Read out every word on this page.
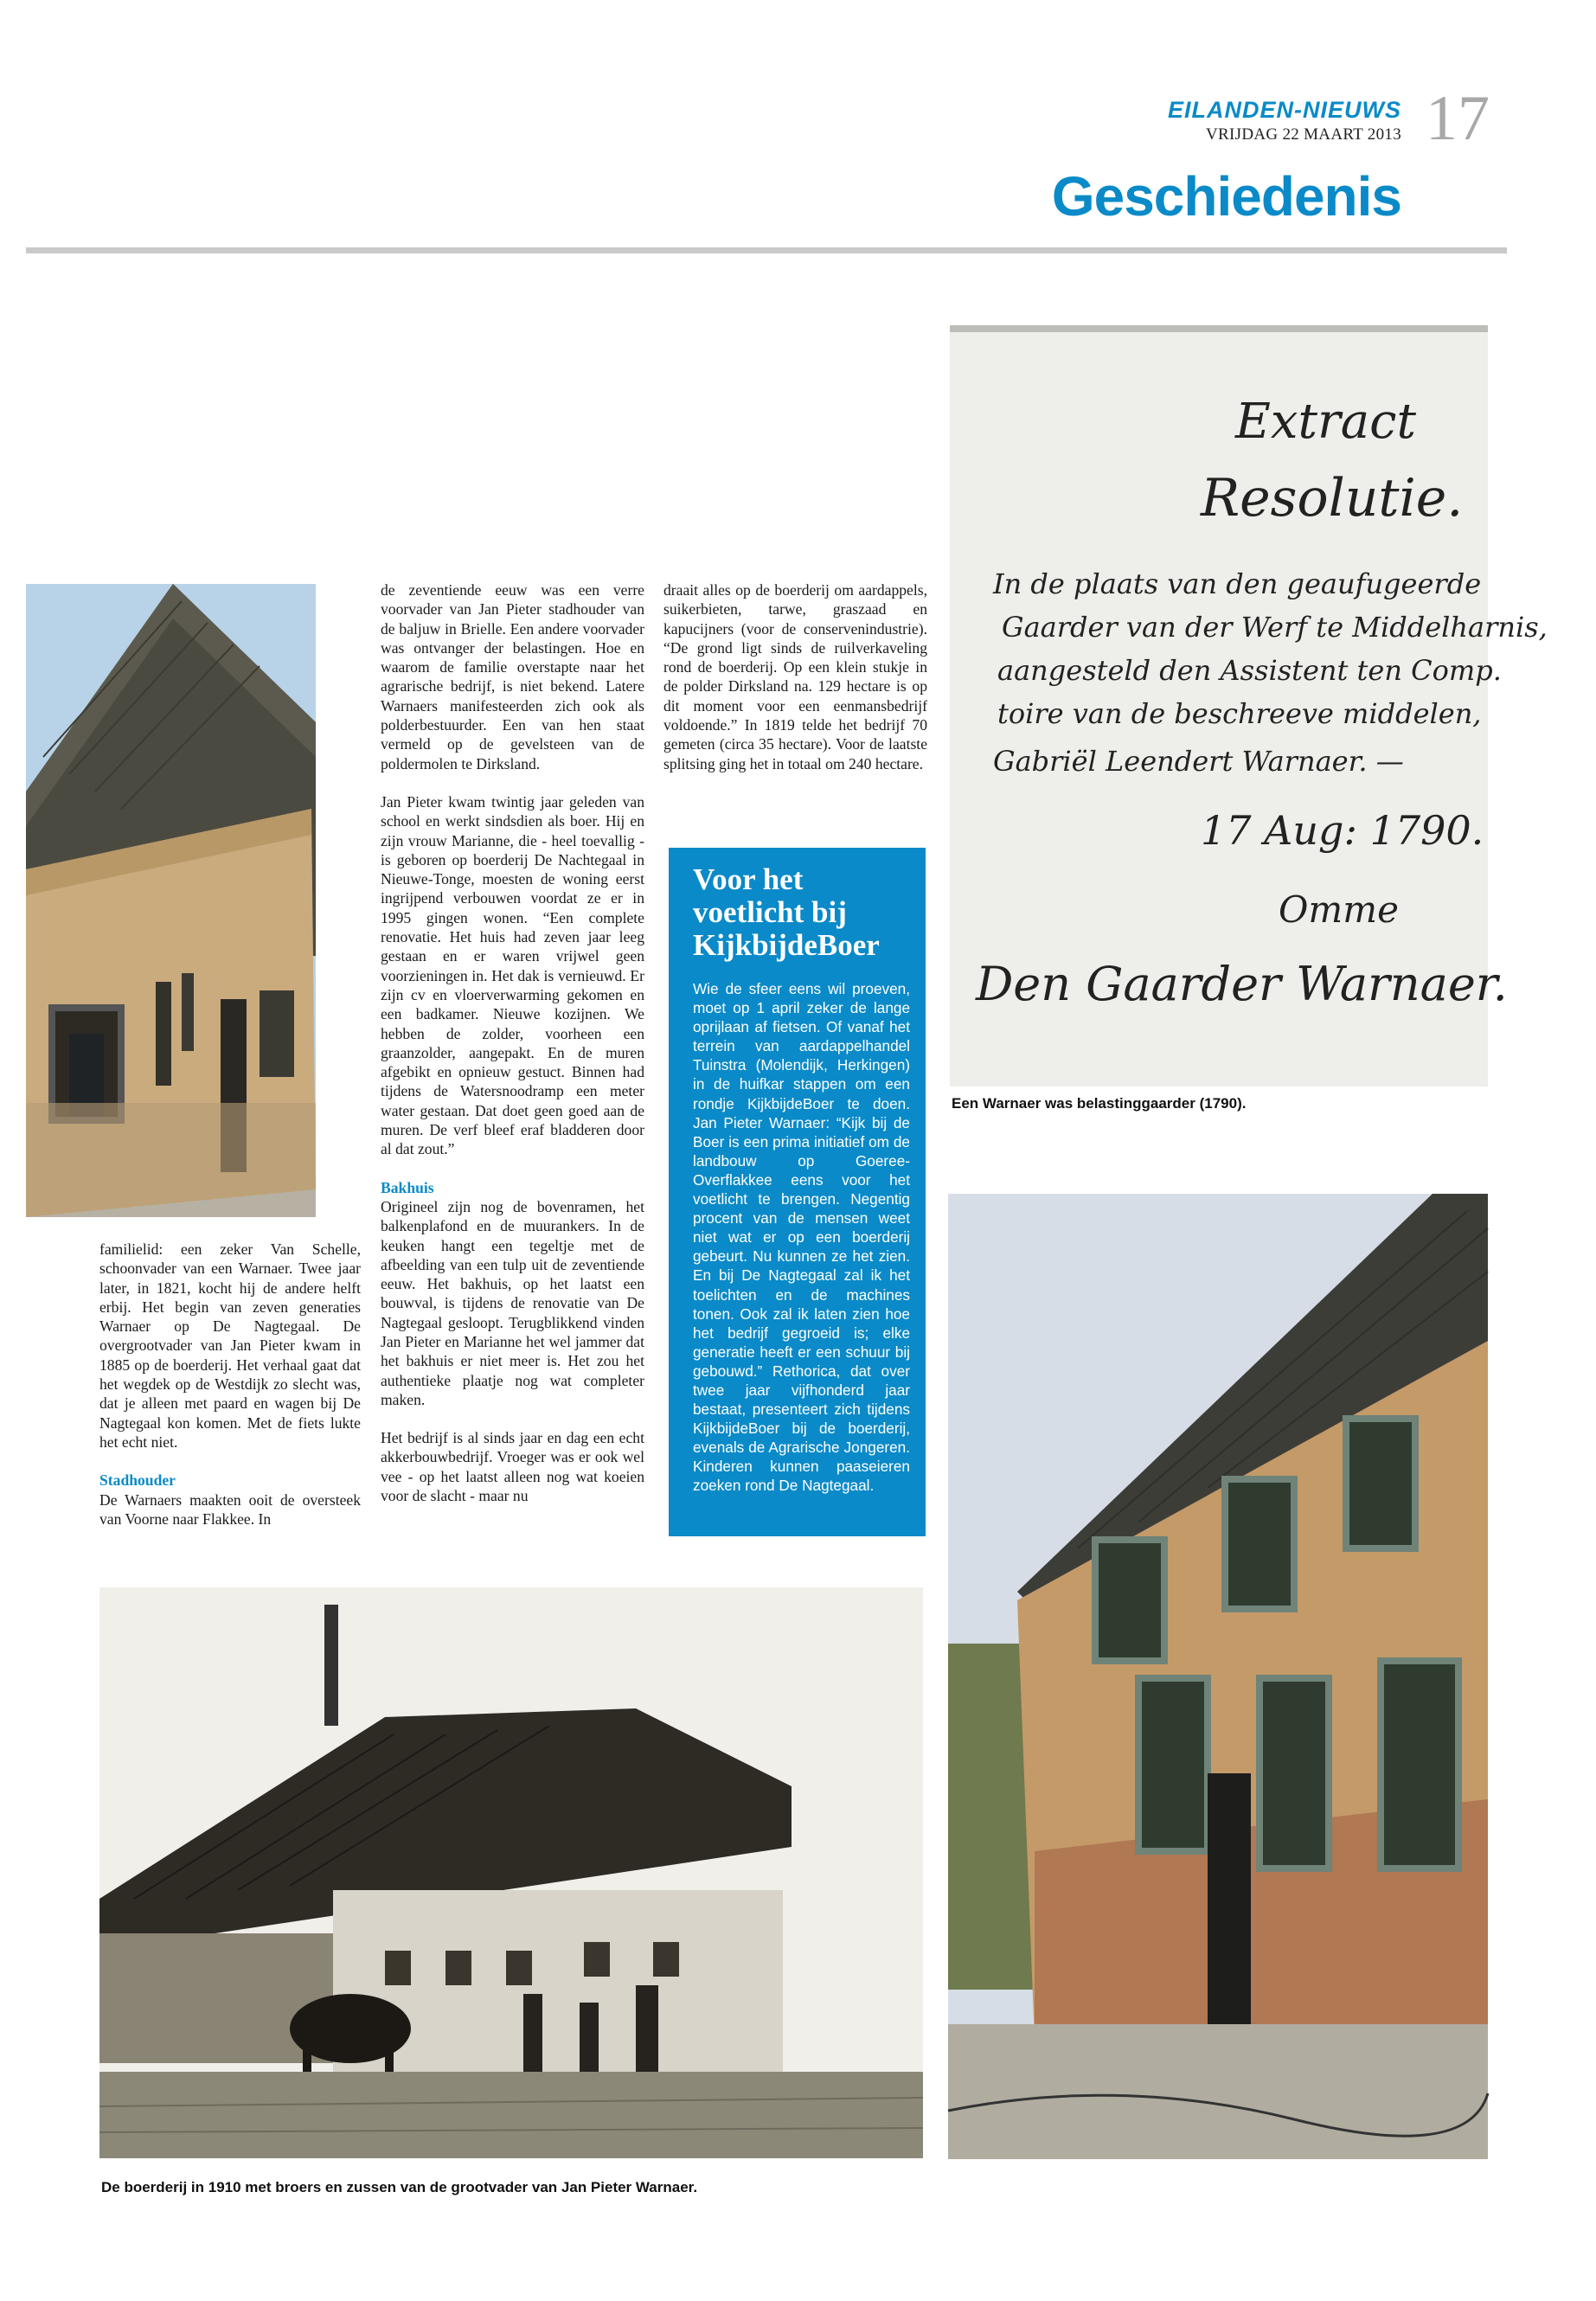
EILANDEN-NIEUWS
VRIJDAG 22 MAART 2013 17
Geschiedenis
Extract
Resolutie.
In de plaats van den geaufugeerde
Gaarder van der Werf te Middelharnis,
aangesteld den Assistent ten Comp.
toire van de beschreeve middelen,
Gabriël Leendert Warnaer. —
17 Aug: 1790.
Omme
Den Gaarder Warnaer.
Een Warnaer was belastinggaarder (1790).
De boerderij in 1910 met broers en zussen van de grootvader van Jan Pieter Warnaer.

familielid: een zeker Van Schelle, schoonvader van een Warnaer. Twee jaar later, in 1821, kocht hij de andere helft erbij. Het begin van zeven generaties Warnaer op De Nagtegaal. De overgrootvader van Jan Pieter kwam in 1885 op de boerderij. Het verhaal gaat dat het wegdek op de Westdijk zo slecht was, dat je alleen met paard en wagen bij De Nagtegaal kon komen. Met de fiets lukte het echt niet.

Stadhouder

De Warnaers maakten ooit de oversteek van Voorne naar Flakkee. In

de zeventiende eeuw was een verre voorvader van Jan Pieter stadhouder van de baljuw in Brielle. Een andere voorvader was ontvanger der belastingen. Hoe en waarom de familie overstapte naar het agrarische bedrijf, is niet bekend. Latere Warnaers manifesteerden zich ook als polderbestuurder. Een van hen staat vermeld op de gevelsteen van de poldermolen te Dirksland.

Jan Pieter kwam twintig jaar geleden van school en werkt sindsdien als boer. Hij en zijn vrouw Marianne, die - heel toevallig - is geboren op boerderij De Nachtegaal in Nieuwe-Tonge, moesten de woning eerst ingrijpend verbouwen voordat ze er in 1995 gingen wonen. “Een complete renovatie. Het huis had zeven jaar leeg gestaan en er waren vrijwel geen voorzieningen in. Het dak is vernieuwd. Er zijn cv en vloerverwarming gekomen en een badkamer. Nieuwe kozijnen. We hebben de zolder, voorheen een graanzolder, aangepakt. En de muren afgebikt en opnieuw gestuct. Binnen had tijdens de Watersnoodramp een meter water gestaan. Dat doet geen goed aan de muren. De verf bleef eraf bladderen door al dat zout.”

Bakhuis

Origineel zijn nog de bovenramen, het balkenplafond en de muurankers. In de keuken hangt een tegeltje met de afbeelding van een tulp uit de zeventiende eeuw. Het bakhuis, op het laatst een bouwval, is tijdens de renovatie van De Nagtegaal gesloopt. Terugblikkend vinden Jan Pieter en Marianne het wel jammer dat het bakhuis er niet meer is. Het zou het authentieke plaatje nog wat completer maken.

Het bedrijf is al sinds jaar en dag een echt akkerbouwbedrijf. Vroeger was er ook wel vee - op het laatst alleen nog wat koeien voor de slacht - maar nu

draait alles op de boerderij om aardappels, suikerbieten, tarwe, graszaad en kapucijners (voor de conservenindustrie). “De grond ligt sinds de ruilverkaveling rond de boerderij. Op een klein stukje in de polder Dirksland na. 129 hectare is op dit moment voor een eenmansbedrijf voldoende.” In 1819 telde het bedrijf 70 gemeten (circa 35 hectare). Voor de laatste splitsing ging het in totaal om 240 hectare.

Voor het voetlicht bij KijkbijdeBoer
Wie de sfeer eens wil proeven, moet op 1 april zeker de lange oprijlaan af fietsen. Of vanaf het terrein van aardappelhandel Tuinstra (Molendijk, Herkingen) in de huifkar stappen om een rondje KijkbijdeBoer te doen. Jan Pieter Warnaer: “Kijk bij de Boer is een prima initiatief om de landbouw op Goeree-Overflakkee eens voor het voetlicht te brengen. Negentig procent van de mensen weet niet wat er op een boerderij gebeurt. Nu kunnen ze het zien. En bij De Nagtegaal zal ik het toelichten en de machines tonen. Ook zal ik laten zien hoe het bedrijf gegroeid is; elke generatie heeft er een schuur bij gebouwd.” Rethorica, dat over twee jaar vijfhonderd jaar bestaat, presenteert zich tijdens KijkbijdeBoer bij de boerderij, evenals de Agrarische Jongeren. Kinderen kunnen paaseieren zoeken rond De Nagtegaal.
